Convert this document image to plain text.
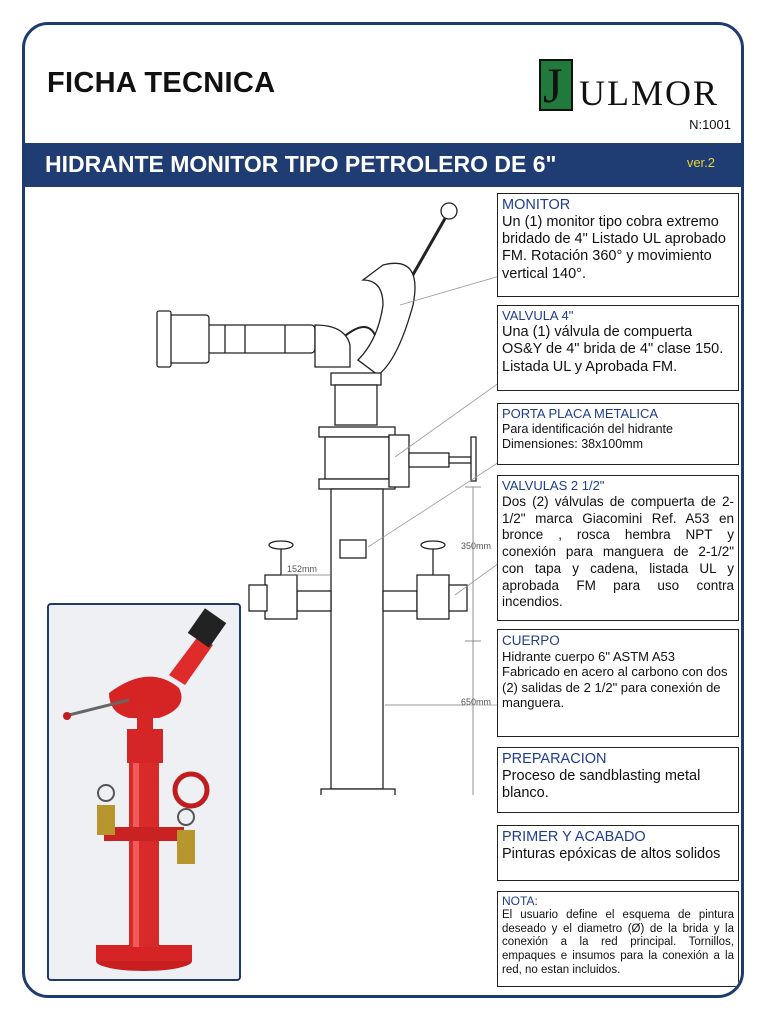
FICHA TECNICA	J ULMOR
N:1001
HIDRANTE MONITOR TIPO PETROLERO DE 6"	ver.2
350mm
152mm
650mm
MONITOR

Un (1) monitor tipo cobra extremo bridado de 4" Listado UL aprobado FM. Rotación 360° y movimiento vertical 140°.

VALVULA 4"

Una (1) válvula de compuerta OS&Y de 4" brida de 4" clase 150. Listada UL y Aprobada FM.

PORTA PLACA METALICA

Para identificación del hidrante Dimensiones: 38x100mm

VALVULAS 2 1/2"

Dos (2) válvulas de compuerta de 2-1/2" marca Giacomini Ref. A53 en bronce , rosca hembra NPT y conexión para manguera de 2-1/2" con tapa y cadena, listada UL y aprobada FM para uso contra incendios.

CUERPO

Hidrante cuerpo 6" ASTM A53 Fabricado en acero al carbono con dos (2) salidas de 2 1/2" para conexión de manguera.

PREPARACION

Proceso de sandblasting metal blanco.

PRIMER Y ACABADO

Pinturas epóxicas de altos solidos

NOTA:

El usuario define el esquema de pintura deseado y el diametro (Ø) de la brida y la conexión a la red principal. Tornillos, empaques e insumos para la conexión a la red, no estan incluidos.
